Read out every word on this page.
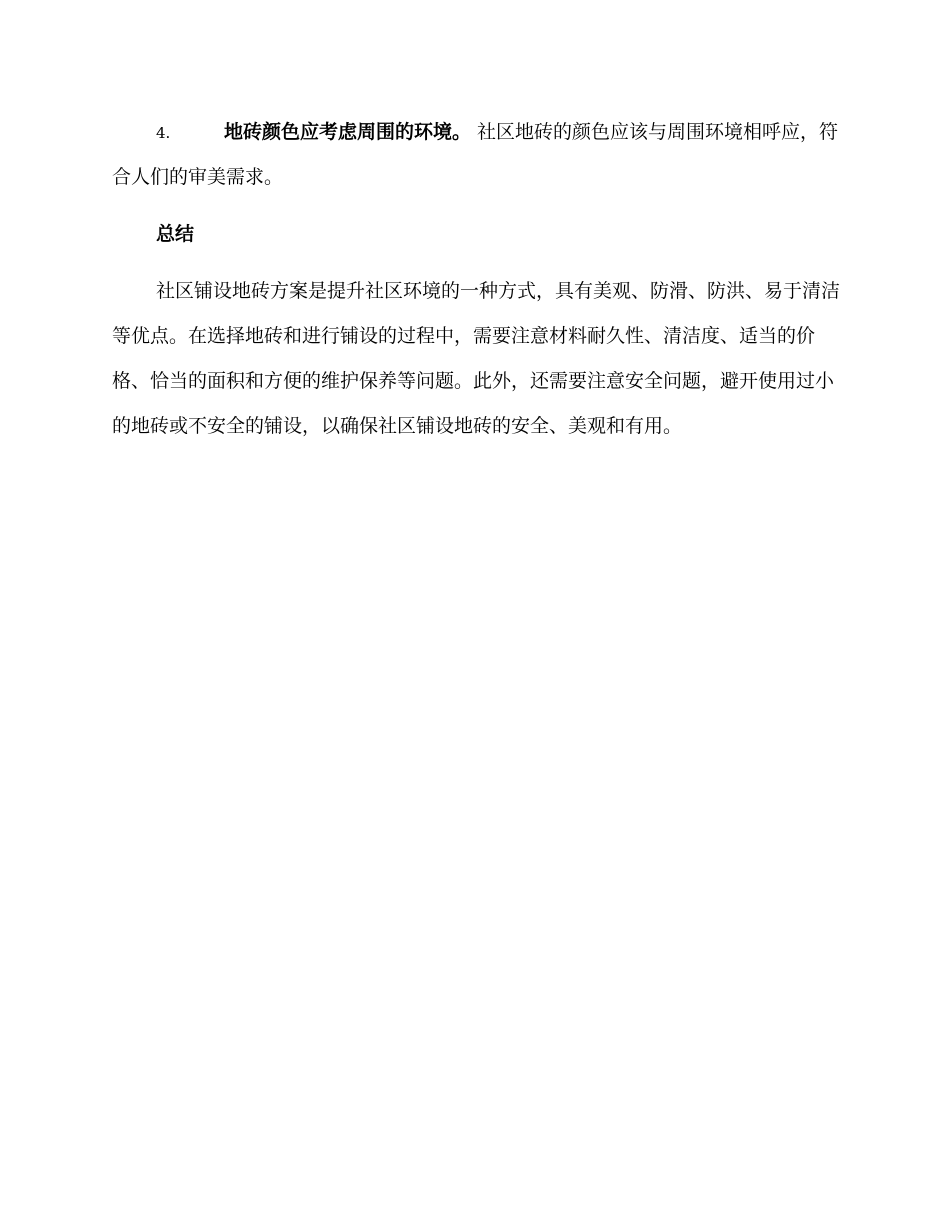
4.	地砖颜色应考虑周围的环境。 社区地砖的颜色应该与周围环境相呼应，符合人们的审美需求。

总结

社区铺设地砖方案是提升社区环境的一种方式，具有美观、防滑、防洪、易于清洁等优点。在选择地砖和进行铺设的过程中，需要注意材料耐久性、清洁度、适当的价格、恰当的面积和方便的维护保养等问题。此外，还需要注意安全问题，避开使用过小的地砖或不安全的铺设，以确保社区铺设地砖的安全、美观和有用。
